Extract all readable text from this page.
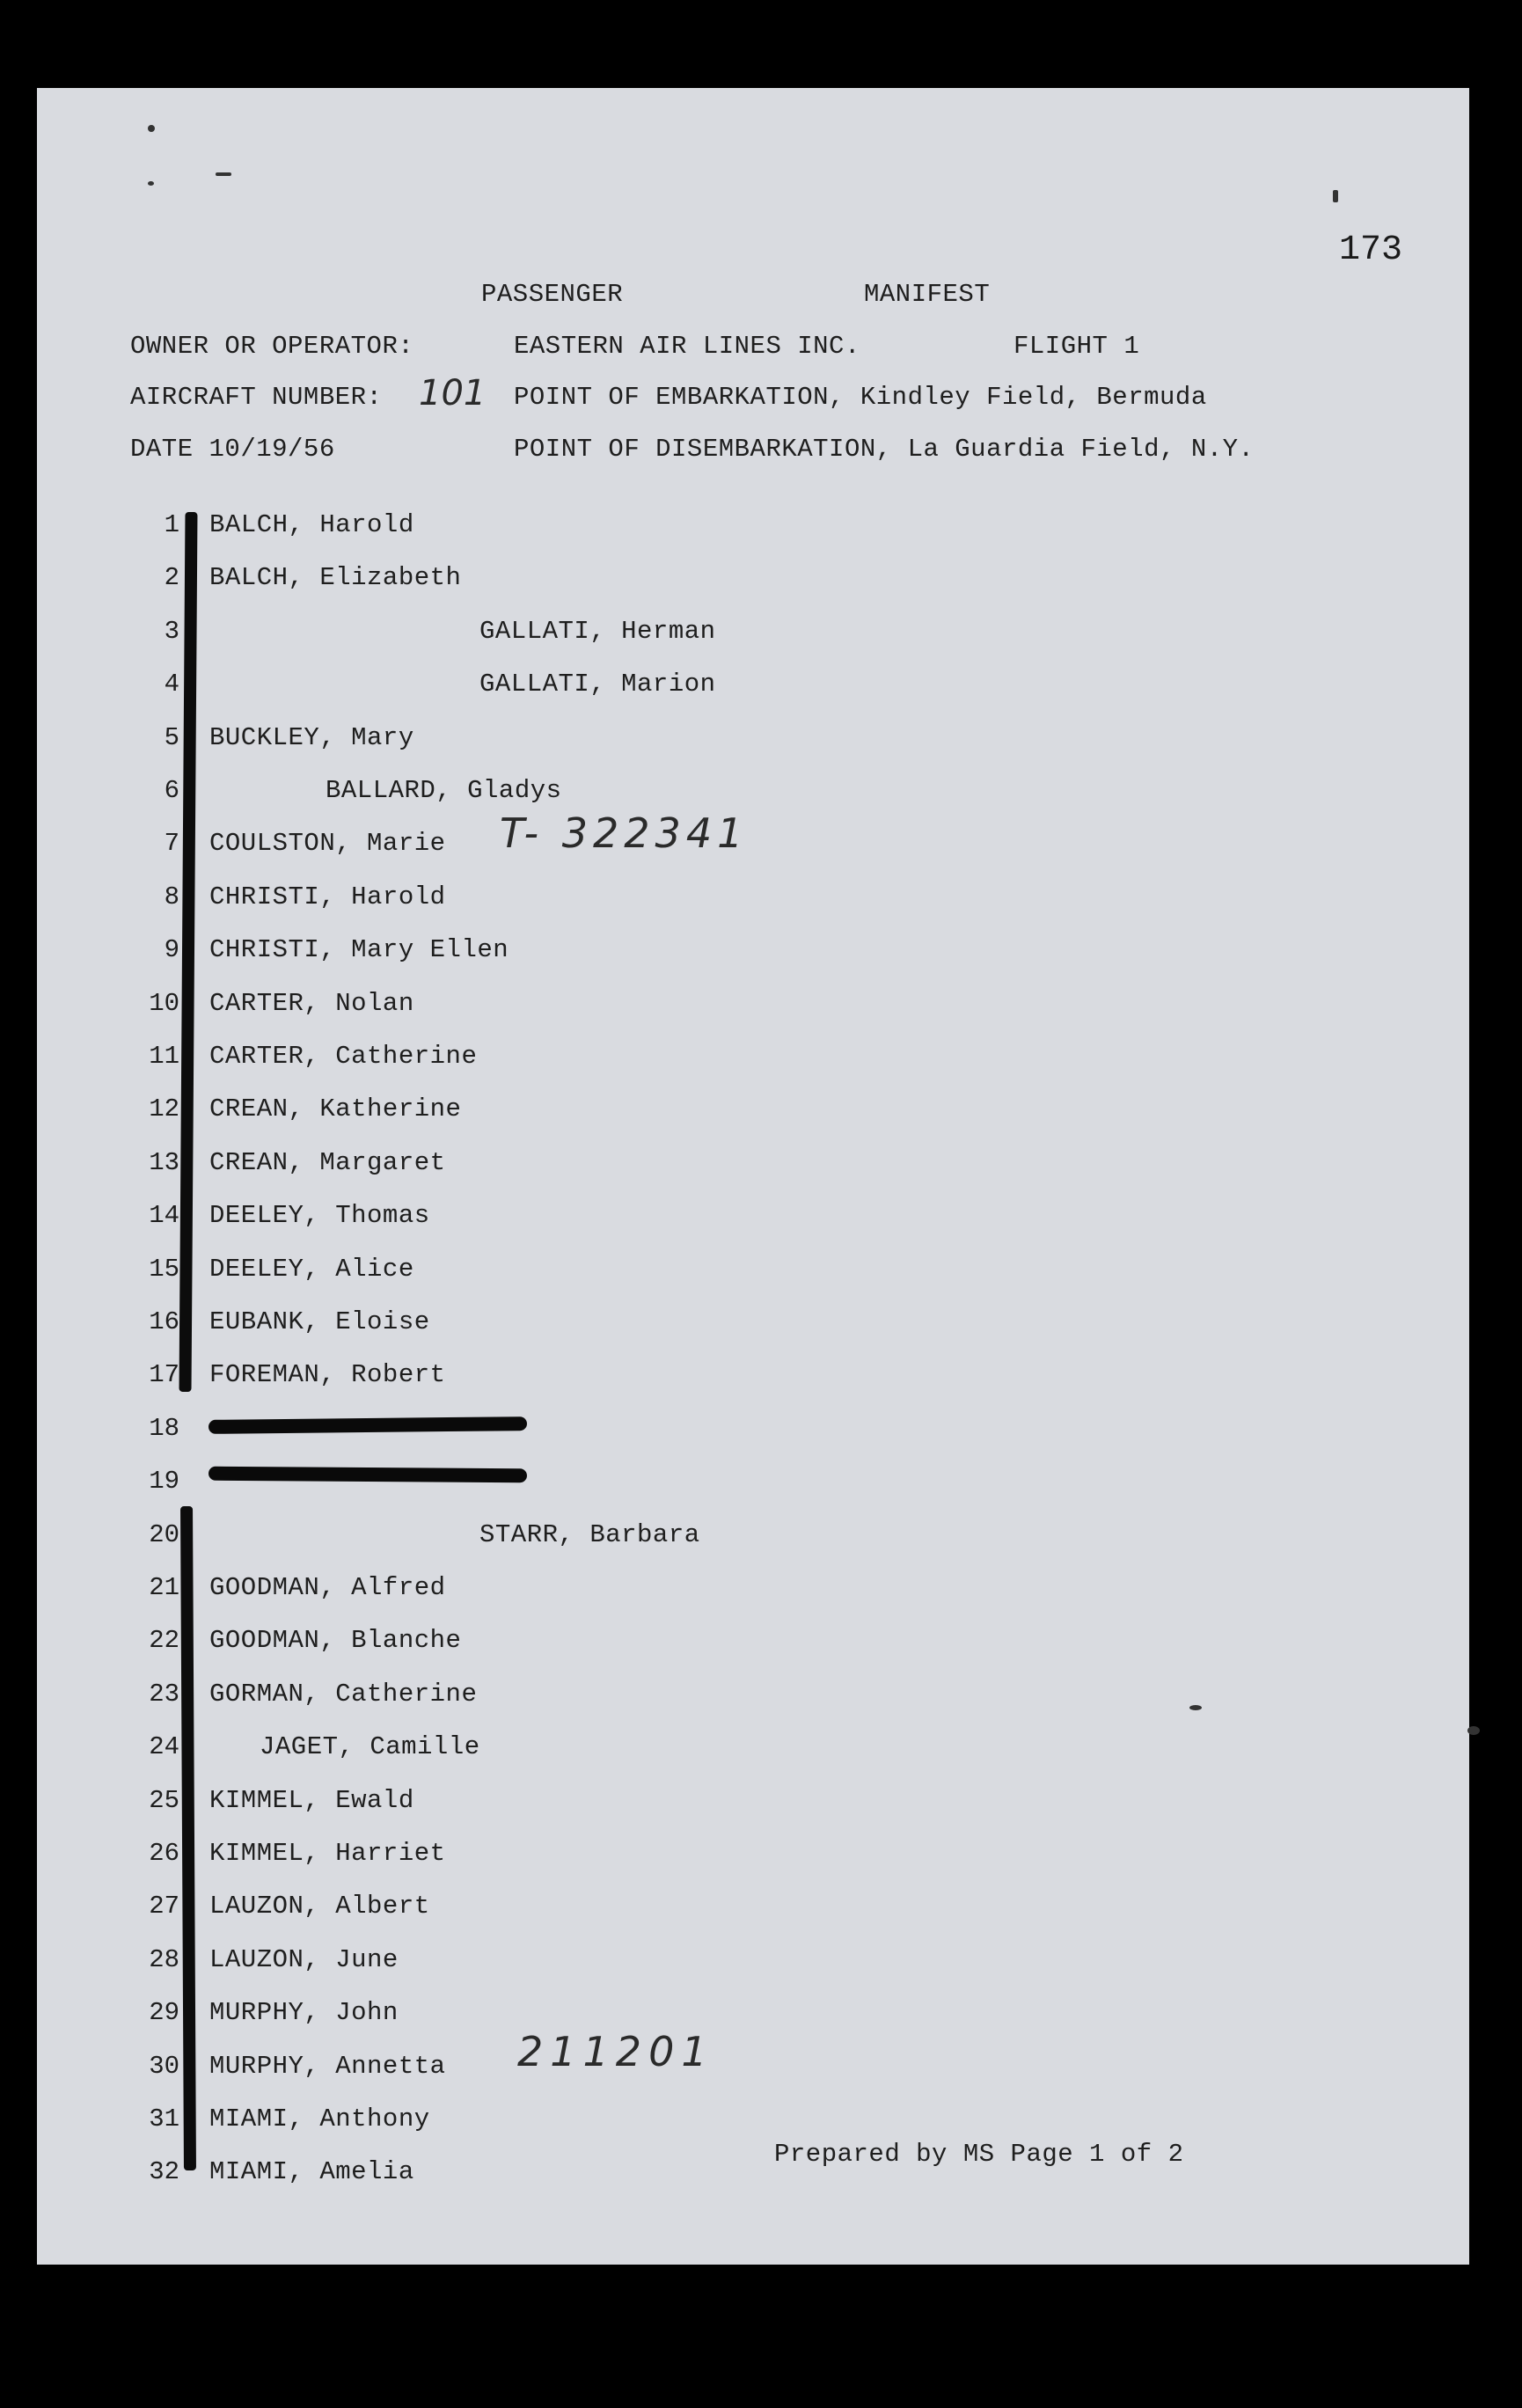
173
PASSENGER	MANIFEST
OWNER OR OPERATOR:	EASTERN AIR LINES INC.	FLIGHT 1
AIRCRAFT NUMBER: 101 POINT OF EMBARKATION, Kindley Field, Bermuda
DATE 10/19/56	POINT OF DISEMBARKATION, La Guardia Field, N.Y.
1 BALCH, Harold
2 BALCH, Elizabeth
3	GALLATI, Herman
4	GALLATI, Marion
5 BUCKLEY, Mary
6	BALLARD, Gladys
7 COULSTON, Marie
8 CHRISTI, Harold
9 CHRISTI, Mary Ellen
10 CARTER, Nolan
11 CARTER, Catherine
12 CREAN, Katherine
13 CREAN, Margaret
14 DEELEY, Thomas
15 DEELEY, Alice
16 EUBANK, Eloise
17 FOREMAN, Robert
18
19
20	STARR, Barbara
21 GOODMAN, Alfred
22 GOODMAN, Blanche
23 GORMAN, Catherine
24	JAGET, Camille
25 KIMMEL, Ewald
26 KIMMEL, Harriet
27 LAUZON, Albert
28 LAUZON, June
29 MURPHY, John
30 MURPHY, Annetta
31 MIAMI, Anthony
32 MIAMI, Amelia
T- 322341
211201
Prepared by MS Page 1 of 2
